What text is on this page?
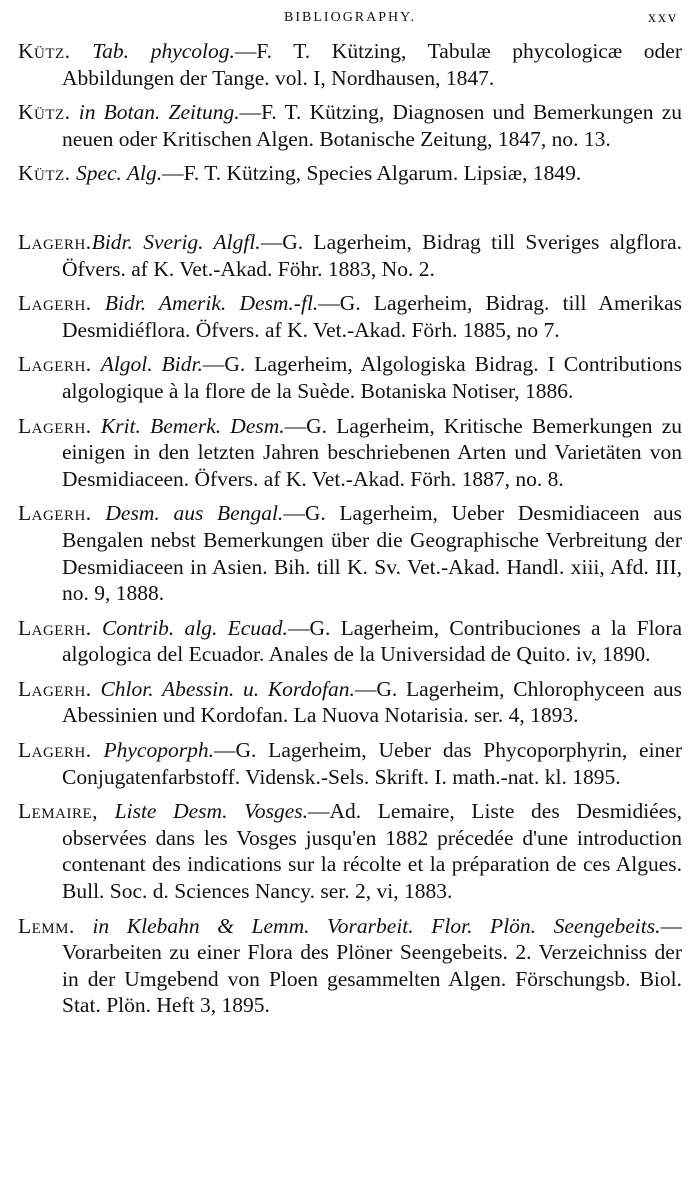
BIBLIOGRAPHY.	xxv

Kütz. Tab. phycolog.—F. T. Kützing, Tabulæ phycologicæ oder Abbildungen der Tange. vol. I, Nordhausen, 1847.

Kütz. in Botan. Zeitung.—F. T. Kützing, Diagnosen und Bemerkungen zu neuen oder Kritischen Algen. Botanische Zeitung, 1847, no. 13.

Kütz. Spec. Alg.—F. T. Kützing, Species Algarum. Lipsiæ, 1849.

Lagerh.Bidr. Sverig. Algfl.—G. Lagerheim, Bidrag till Sveriges algflora. Öfvers. af K. Vet.-Akad. Föhr. 1883, No. 2.

Lagerh. Bidr. Amerik. Desm.-fl.—G. Lagerheim, Bidrag. till Amerikas Desmidiéflora. Öfvers. af K. Vet.-Akad. Förh. 1885, no 7.

Lagerh. Algol. Bidr.—G. Lagerheim, Algologiska Bidrag. I Contributions algologique à la flore de la Suède. Botaniska Notiser, 1886.

Lagerh. Krit. Bemerk. Desm.—G. Lagerheim, Kritische Bemerkungen zu einigen in den letzten Jahren beschriebenen Arten und Varietäten von Desmidiaceen. Öfvers. af K. Vet.-Akad. Förh. 1887, no. 8.

Lagerh. Desm. aus Bengal.—G. Lagerheim, Ueber Desmidiaceen aus Bengalen nebst Bemerkungen über die Geographische Verbreitung der Desmidiaceen in Asien. Bih. till K. Sv. Vet.-Akad. Handl. xiii, Afd. III, no. 9, 1888.

Lagerh. Contrib. alg. Ecuad.—G. Lagerheim, Contribuciones a la Flora algologica del Ecuador. Anales de la Universidad de Quito. iv, 1890.

Lagerh. Chlor. Abessin. u. Kordofan.—G. Lagerheim, Chlorophyceen aus Abessinien und Kordofan. La Nuova Notarisia. ser. 4, 1893.

Lagerh. Phycoporph.—G. Lagerheim, Ueber das Phycoporphyrin, einer Conjugatenfarbstoff. Vidensk.-Sels. Skrift. I. math.-nat. kl. 1895.

Lemaire, Liste Desm. Vosges.—Ad. Lemaire, Liste des Desmidiées, observées dans les Vosges jusqu'en 1882 précedée d'une introduction contenant des indications sur la récolte et la préparation de ces Algues. Bull. Soc. d. Sciences Nancy. ser. 2, vi, 1883.

Lemm. in Klebahn & Lemm. Vorarbeit. Flor. Plön. Seengebeits.—Vorarbeiten zu einer Flora des Plöner Seengebeits. 2. Verzeichniss der in der Umgebend von Ploen gesammelten Algen. Förschungsb. Biol. Stat. Plön. Heft 3, 1895.
